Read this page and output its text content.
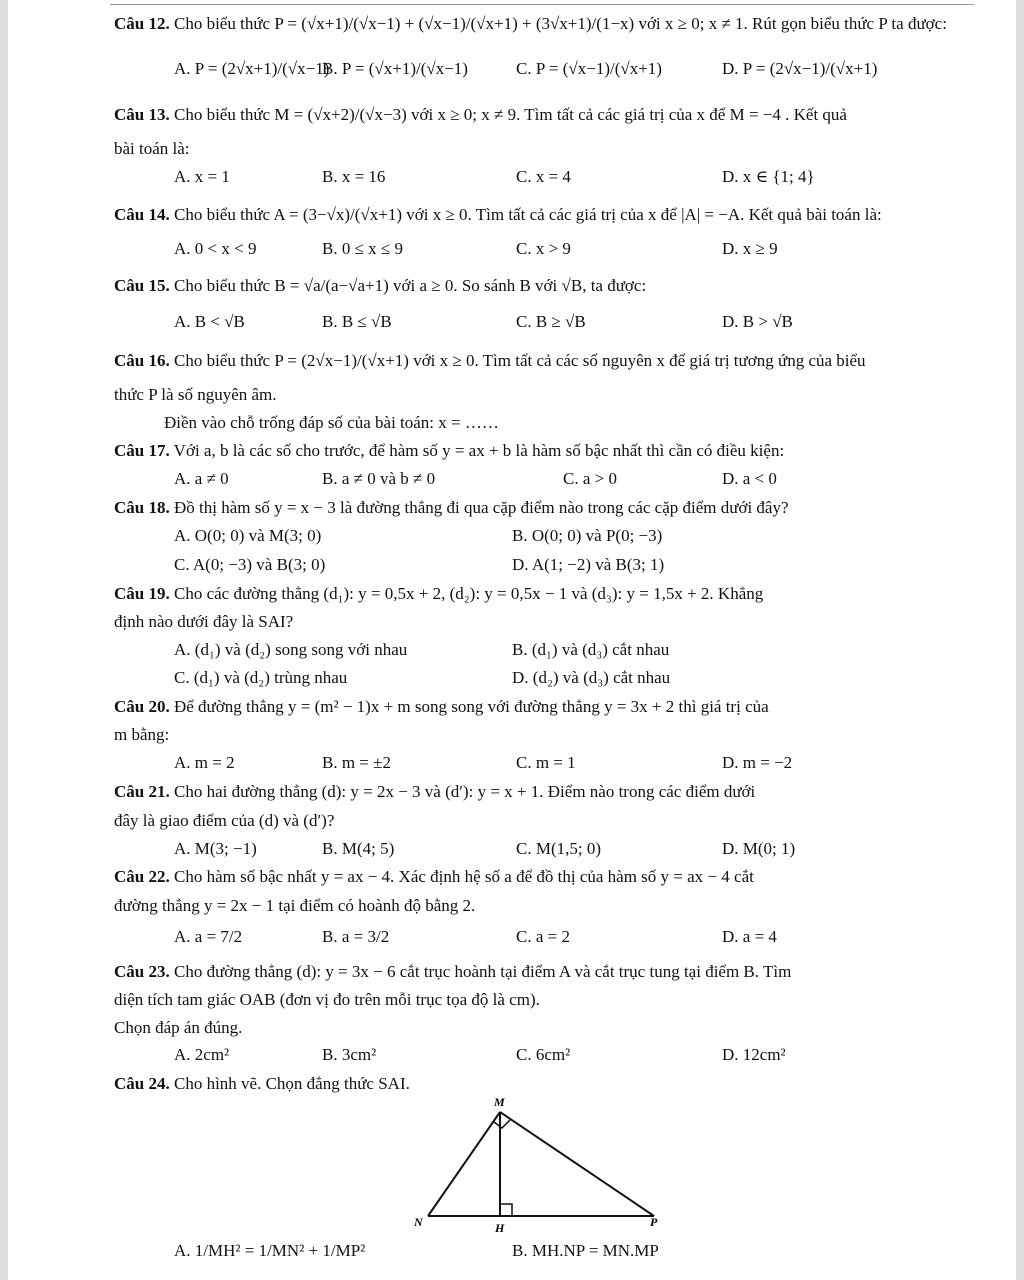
Câu 12. Cho biểu thức P = (√x+1)/(√x−1) + (√x−1)/(√x+1) + (3√x+1)/(1−x) với x ≥ 0; x ≠ 1. Rút gọn biểu thức P ta được:
A. P = (2√x+1)/(√x−1)
B. P = (√x+1)/(√x−1)	C. P = (√x−1)/(√x+1)	D. P = (2√x−1)/(√x+1)
Câu 13. Cho biểu thức M = (√x+2)/(√x−3) với x ≥ 0; x ≠ 9. Tìm tất cả các giá trị của x để M = −4 . Kết quả
bài toán là:
A. x = 1	B. x = 16	C. x = 4	D. x ∈ {1; 4}
Câu 14. Cho biểu thức A = (3−√x)/(√x+1) với x ≥ 0. Tìm tất cả các giá trị của x để |A| = −A. Kết quả bài toán là:
A. 0 < x < 9	B. 0 ≤ x ≤ 9	C. x > 9	D. x ≥ 9
Câu 15. Cho biểu thức B = √a/(a−√a+1) với a ≥ 0. So sánh B với √B, ta được:
A. B < √B	B. B ≤ √B	C. B ≥ √B	D. B > √B
Câu 16. Cho biểu thức P = (2√x−1)/(√x+1) với x ≥ 0. Tìm tất cả các số nguyên x để giá trị tương ứng của biểu
thức P là số nguyên âm.
Điền vào chỗ trống đáp số của bài toán: x = ……
Câu 17. Với a, b là các số cho trước, để hàm số y = ax + b là hàm số bậc nhất thì cần có điều kiện:
A. a ≠ 0	B. a ≠ 0 và b ≠ 0	C. a > 0	D. a < 0
Câu 18. Đồ thị hàm số y = x − 3 là đường thẳng đi qua cặp điểm nào trong các cặp điểm dưới đây?
A. O(0; 0) và M(3; 0)	B. O(0; 0) và P(0; −3)
C. A(0; −3) và B(3; 0)	D. A(1; −2) và B(3; 1)
Câu 19. Cho các đường thẳng (d₁): y = 0,5x + 2, (d₂): y = 0,5x − 1 và (d₃): y = 1,5x + 2. Khẳng
định nào dưới đây là SAI?
A. (d₁) và (d₂) song song với nhau	B. (d₁) và (d₃) cắt nhau
C. (d₁) và (d₂) trùng nhau	D. (d₂) và (d₃) cắt nhau
Câu 20. Để đường thẳng y = (m² − 1)x + m song song với đường thẳng y = 3x + 2 thì giá trị của
m bằng:
A. m = 2	B. m = ±2	C. m = 1	D. m = −2
Câu 21. Cho hai đường thẳng (d): y = 2x − 3 và (d′): y = x + 1. Điểm nào trong các điểm dưới
đây là giao điểm của (d) và (d′)?
A. M(3; −1)	B. M(4; 5)	C. M(1,5; 0)	D. M(0; 1)
Câu 22. Cho hàm số bậc nhất y = ax − 4. Xác định hệ số a để đồ thị của hàm số y = ax − 4 cắt
đường thẳng y = 2x − 1 tại điểm có hoành độ bằng 2.
A. a = 7/2	B. a = 3/2	C. a = 2	D. a = 4
Câu 23. Cho đường thẳng (d): y = 3x − 6 cắt trục hoành tại điểm A và cắt trục tung tại điểm B. Tìm
diện tích tam giác OAB (đơn vị đo trên mỗi trục tọa độ là cm).
Chọn đáp án đúng.
A. 2cm²	B. 3cm²	C. 6cm²	D. 12cm²
Câu 24. Cho hình vẽ. Chọn đẳng thức SAI.
A. 1/MH² = 1/MN² + 1/MP²	B. MH.NP = MN.MP
M
N	H	P
